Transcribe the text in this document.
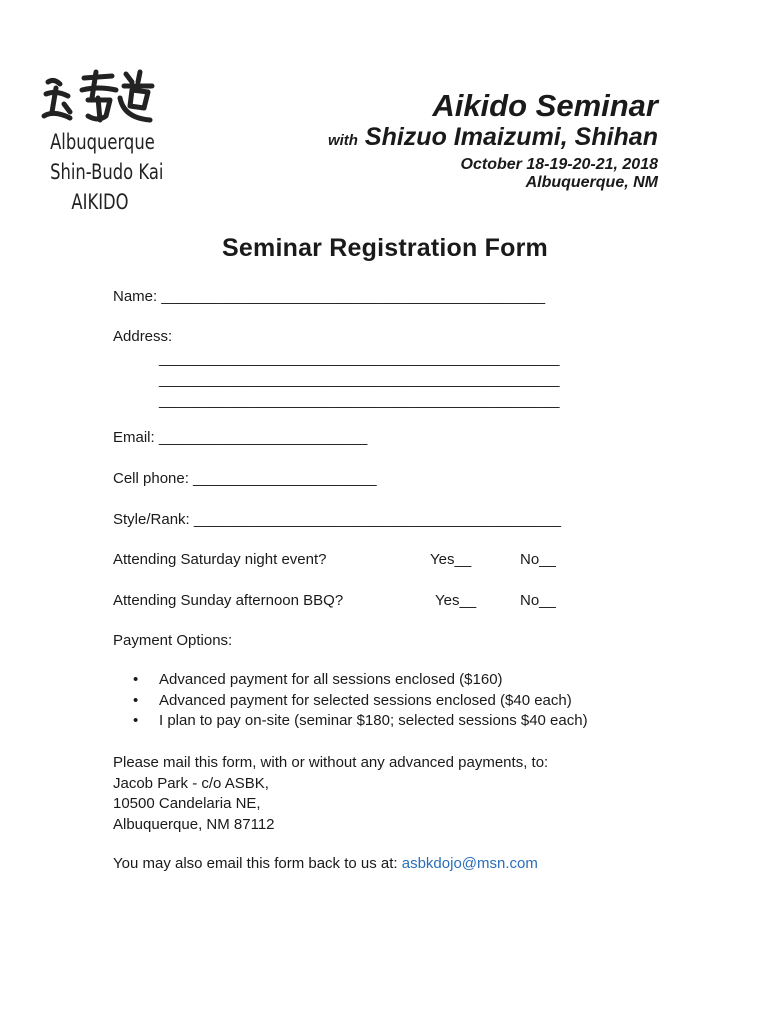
Albuquerque
Shin-Budo Kai
AIKIDO
Aikido Seminar
with Shizuo Imaizumi, Shihan
October 18-19-20-21, 2018
Albuquerque, NM
Seminar Registration Form
Name: ______________________________________________
Address:
________________________________________________
________________________________________________
________________________________________________
Email: _________________________
Cell phone: ______________________
Style/Rank: ____________________________________________
Attending Saturday night event?	Yes__	No__
Attending Sunday afternoon BBQ?	Yes__	No__
Payment Options:
• Advanced payment for all sessions enclosed ($160)
• Advanced payment for selected sessions enclosed ($40 each)
• I plan to pay on-site (seminar $180; selected sessions $40 each)
Please mail this form, with or without any advanced payments, to:
Jacob Park - c/o ASBK,
10500 Candelaria NE,
Albuquerque, NM 87112
You may also email this form back to us at: asbkdojo@msn.com
